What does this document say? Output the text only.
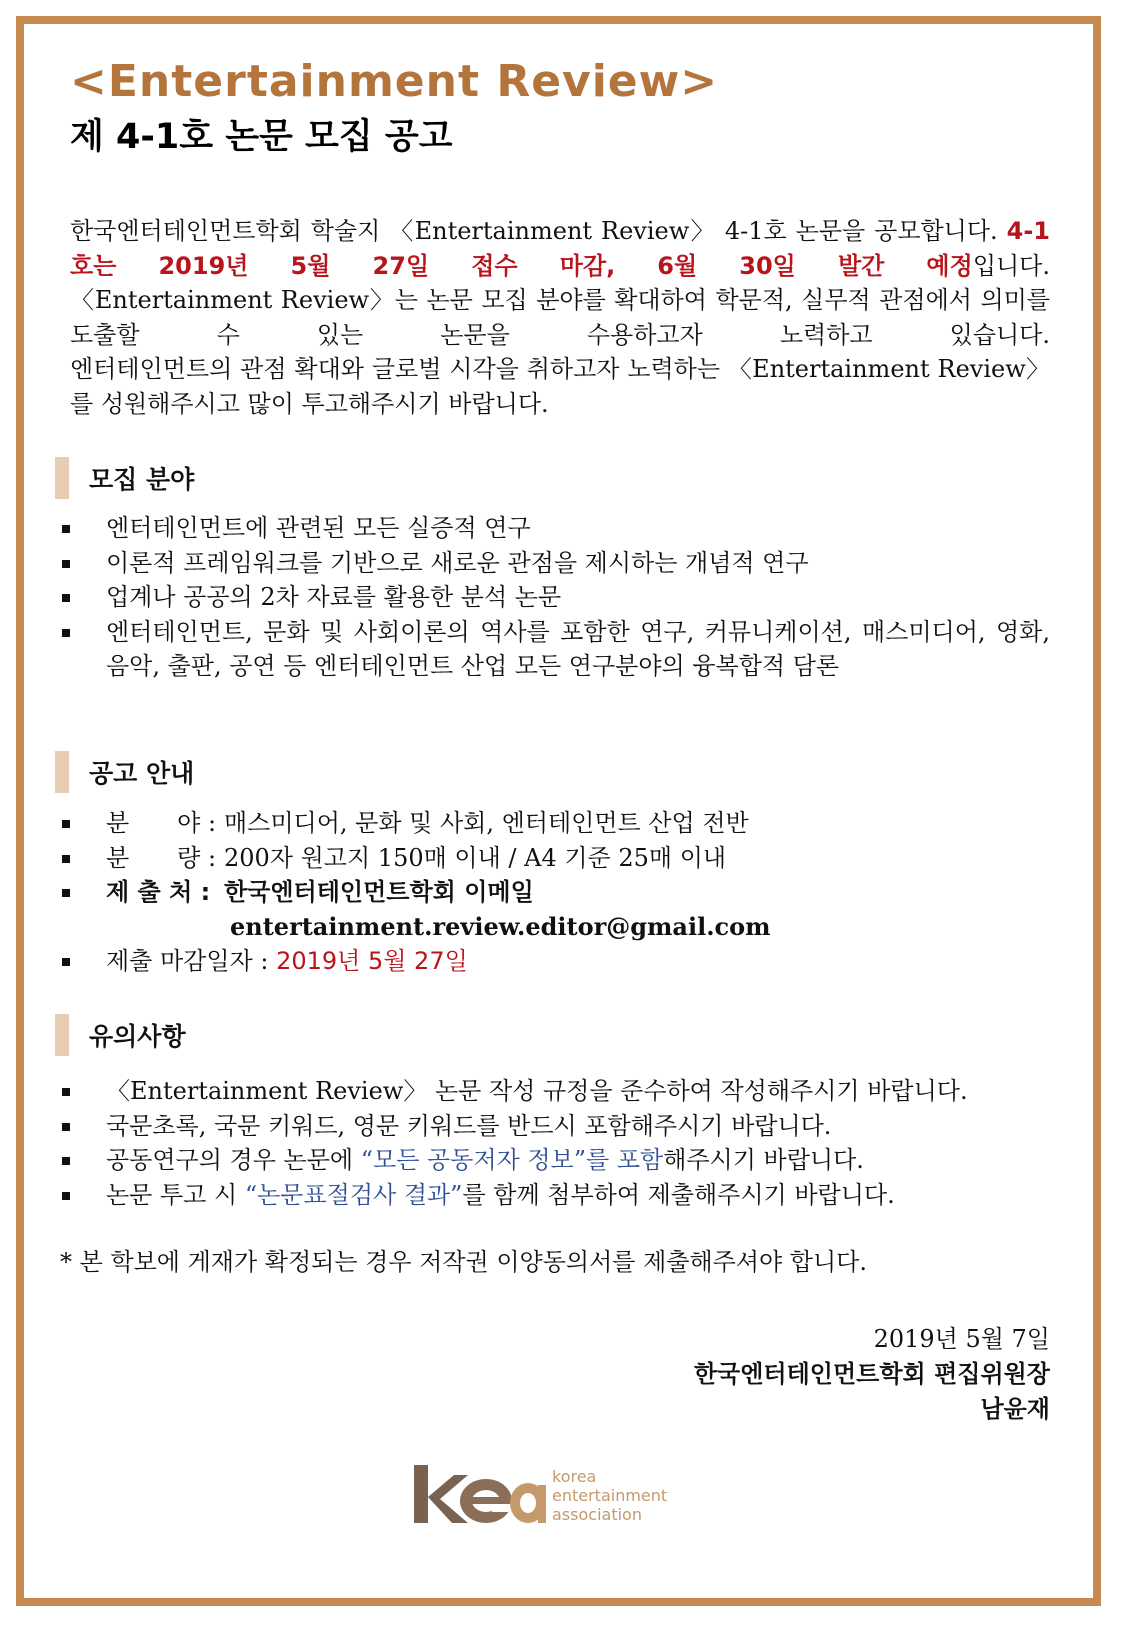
<Entertainment Review>
제 4-1호 논문 모집 공고

한국엔터테인먼트학회 학술지 〈Entertainment Review〉 4-1호 논문을 공모합니다. 4-1호는 2019년 5월 27일 접수 마감, 6월 30일 발간 예정입니다.

〈Entertainment Review〉는 논문 모집 분야를 확대하여 학문적, 실무적 관점에서 의미를 도출할 수 있는 논문을 수용하고자 노력하고 있습니다.

엔터테인먼트의 관점 확대와 글로벌 시각을 취하고자 노력하는 〈Entertainment Review〉를 성원해주시고 많이 투고해주시기 바랍니다.

모집 분야
엔터테인먼트에 관련된 모든 실증적 연구
이론적 프레임워크를 기반으로 새로운 관점을 제시하는 개념적 연구
업계나 공공의 2차 자료를 활용한 분석 논문
엔터테인먼트, 문화 및 사회이론의 역사를 포함한 연구, 커뮤니케이션, 매스미디어, 영화, 음악, 출판, 공연 등 엔터테인먼트 산업 모든 연구분야의 융복합적 담론
공고 안내
분　　야 :매스미디어, 문화 및 사회, 엔터테인먼트 산업 전반
분　　량 :200자 원고지 150매 이내 / A4 기준 25매 이내
제 출 처 :한국엔터테인먼트학회 이메일
entertainment.review.editor@gmail.com
제출 마감일자 : 2019년 5월 27일
유의사항
〈Entertainment Review〉 논문 작성 규정을 준수하여 작성해주시기 바랍니다.
국문초록, 국문 키워드, 영문 키워드를 반드시 포함해주시기 바랍니다.
공동연구의 경우 논문에 “모든 공동저자 정보”를 포함해주시기 바랍니다.
논문 투고 시 “논문표절검사 결과”를 함께 첨부하여 제출해주시기 바랍니다.

* 본 학보에 게재가 확정되는 경우 저작권 이양동의서를 제출해주셔야 합니다.

2019년 5월 7일
한국엔터테인먼트학회 편집위원장
남윤재
korea
entertainment
association
